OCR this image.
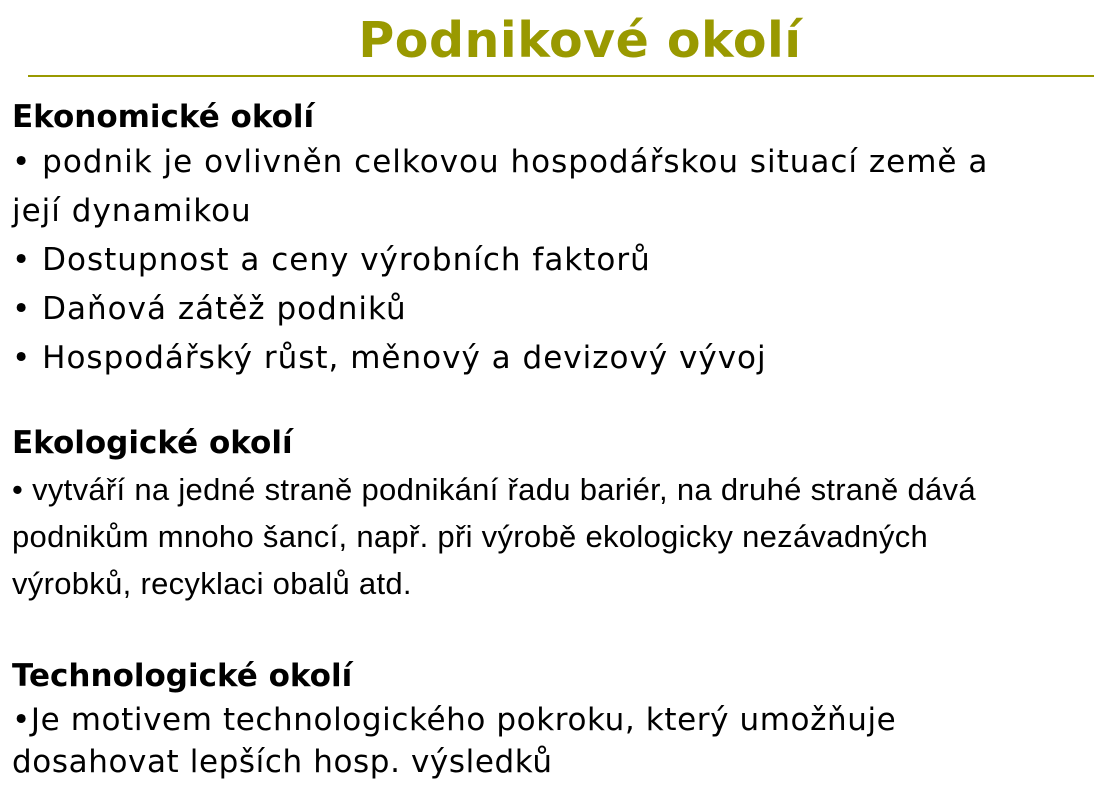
Podnikové okolí
Ekonomické okolí
• podnik je ovlivněn celkovou hospodářskou situací země a její dynamikou
• Dostupnost a ceny výrobních faktorů
• Daňová zátěž podniků
• Hospodářský růst, měnový a devizový vývoj
Ekologické okolí
• vytváří na jedné straně podnikání řadu bariér, na druhé straně dává podnikům mnoho šancí, např. při výrobě ekologicky nezávadných výrobků, recyklaci obalů atd.
Technologické okolí
•Je motivem technologického pokroku, který umožňuje dosahovat lepších hosp. výsledků
